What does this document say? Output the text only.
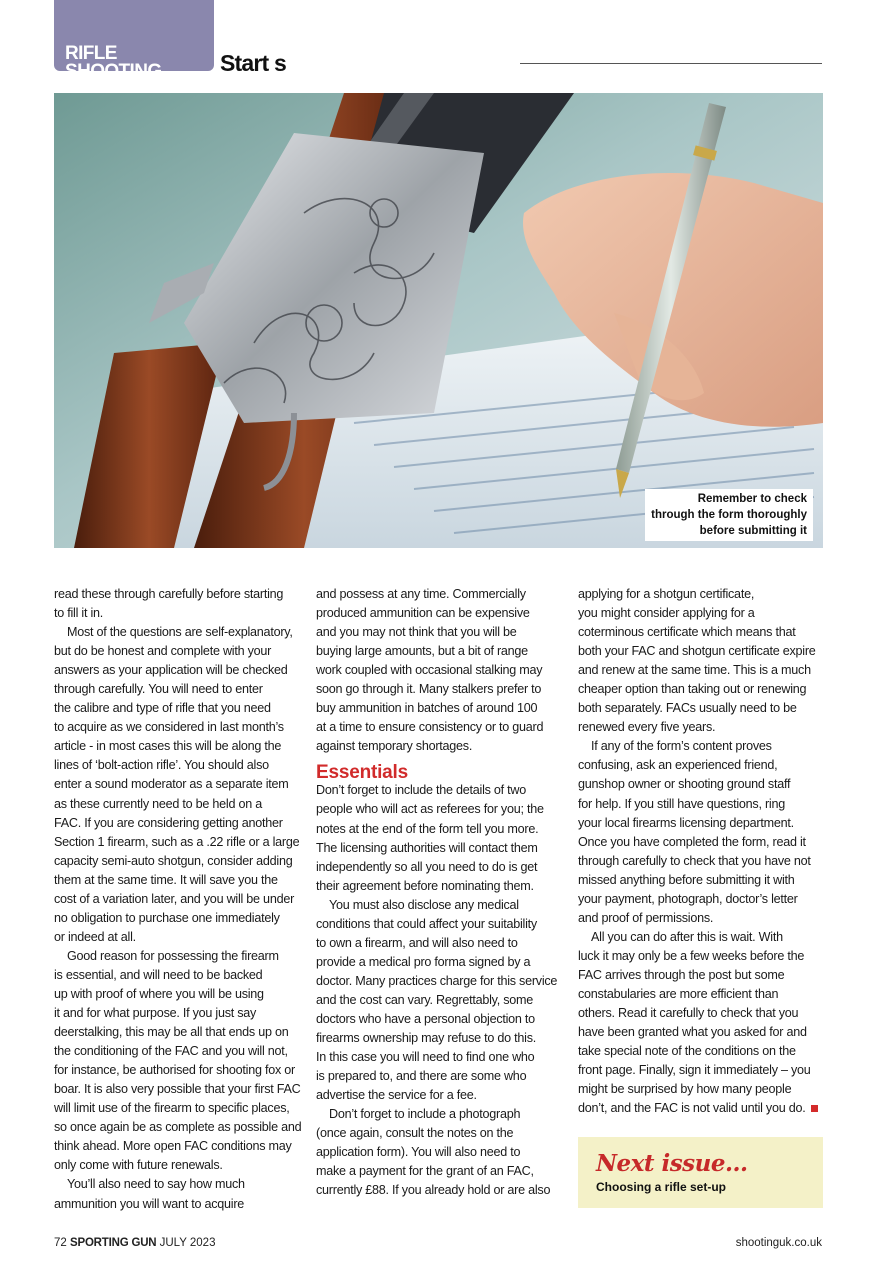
RIFLE SHOOTING	Start s
Remember to check
through the form thoroughly
before submitting it

read these through carefully before starting

to fill it in.

Most of the questions are self-explanatory,

but do be honest and complete with your

answers as your application will be checked

through carefully. You will need to enter

the calibre and type of rifle that you need

to acquire as we considered in last month’s

article - in most cases this will be along the

lines of ‘bolt-action rifle’. You should also

enter a sound moderator as a separate item

as these currently need to be held on a

FAC. If you are considering getting another

Section 1 firearm, such as a .22 rifle or a large

capacity semi-auto shotgun, consider adding

them at the same time. It will save you the

cost of a variation later, and you will be under

no obligation to purchase one immediately

or indeed at all.

Good reason for possessing the firearm

is essential, and will need to be backed

up with proof of where you will be using

it and for what purpose. If you just say

deerstalking, this may be all that ends up on

the conditioning of the FAC and you will not,

for instance, be authorised for shooting fox or

boar. It is also very possible that your first FAC

will limit use of the firearm to specific places,

so once again be as complete as possible and

think ahead. More open FAC conditions may

only come with future renewals.

You’ll also need to say how much

ammunition you will want to acquire

and possess at any time. Commercially

produced ammunition can be expensive

and you may not think that you will be

buying large amounts, but a bit of range

work coupled with occasional stalking may

soon go through it. Many stalkers prefer to

buy ammunition in batches of around 100

at a time to ensure consistency or to guard

against temporary shortages.

Essentials

Don’t forget to include the details of two

people who will act as referees for you; the

notes at the end of the form tell you more.

The licensing authorities will contact them

independently so all you need to do is get

their agreement before nominating them.

You must also disclose any medical

conditions that could affect your suitability

to own a firearm, and will also need to

provide a medical pro forma signed by a

doctor. Many practices charge for this service

and the cost can vary. Regrettably, some

doctors who have a personal objection to

firearms ownership may refuse to do this.

In this case you will need to find one who

is prepared to, and there are some who

advertise the service for a fee.

Don’t forget to include a photograph

(once again, consult the notes on the

application form). You will also need to

make a payment for the grant of an FAC,

currently £88. If you already hold or are also

applying for a shotgun certificate,

you might consider applying for a

coterminous certificate which means that

both your FAC and shotgun certificate expire

and renew at the same time. This is a much

cheaper option than taking out or renewing

both separately. FACs usually need to be

renewed every five years.

If any of the form’s content proves

confusing, ask an experienced friend,

gunshop owner or shooting ground staff

for help. If you still have questions, ring

your local firearms licensing department.

Once you have completed the form, read it

through carefully to check that you have not

missed anything before submitting it with

your payment, photograph, doctor’s letter

and proof of permissions.

All you can do after this is wait. With

luck it may only be a few weeks before the

FAC arrives through the post but some

constabularies are more efficient than

others. Read it carefully to check that you

have been granted what you asked for and

take special note of the conditions on the

front page. Finally, sign it immediately – you

might be surprised by how many people

don’t, and the FAC is not valid until you do.

Next issue...
Choosing a rifle set-up
72 SPORTING GUN JULY 2023	shootinguk.co.uk
